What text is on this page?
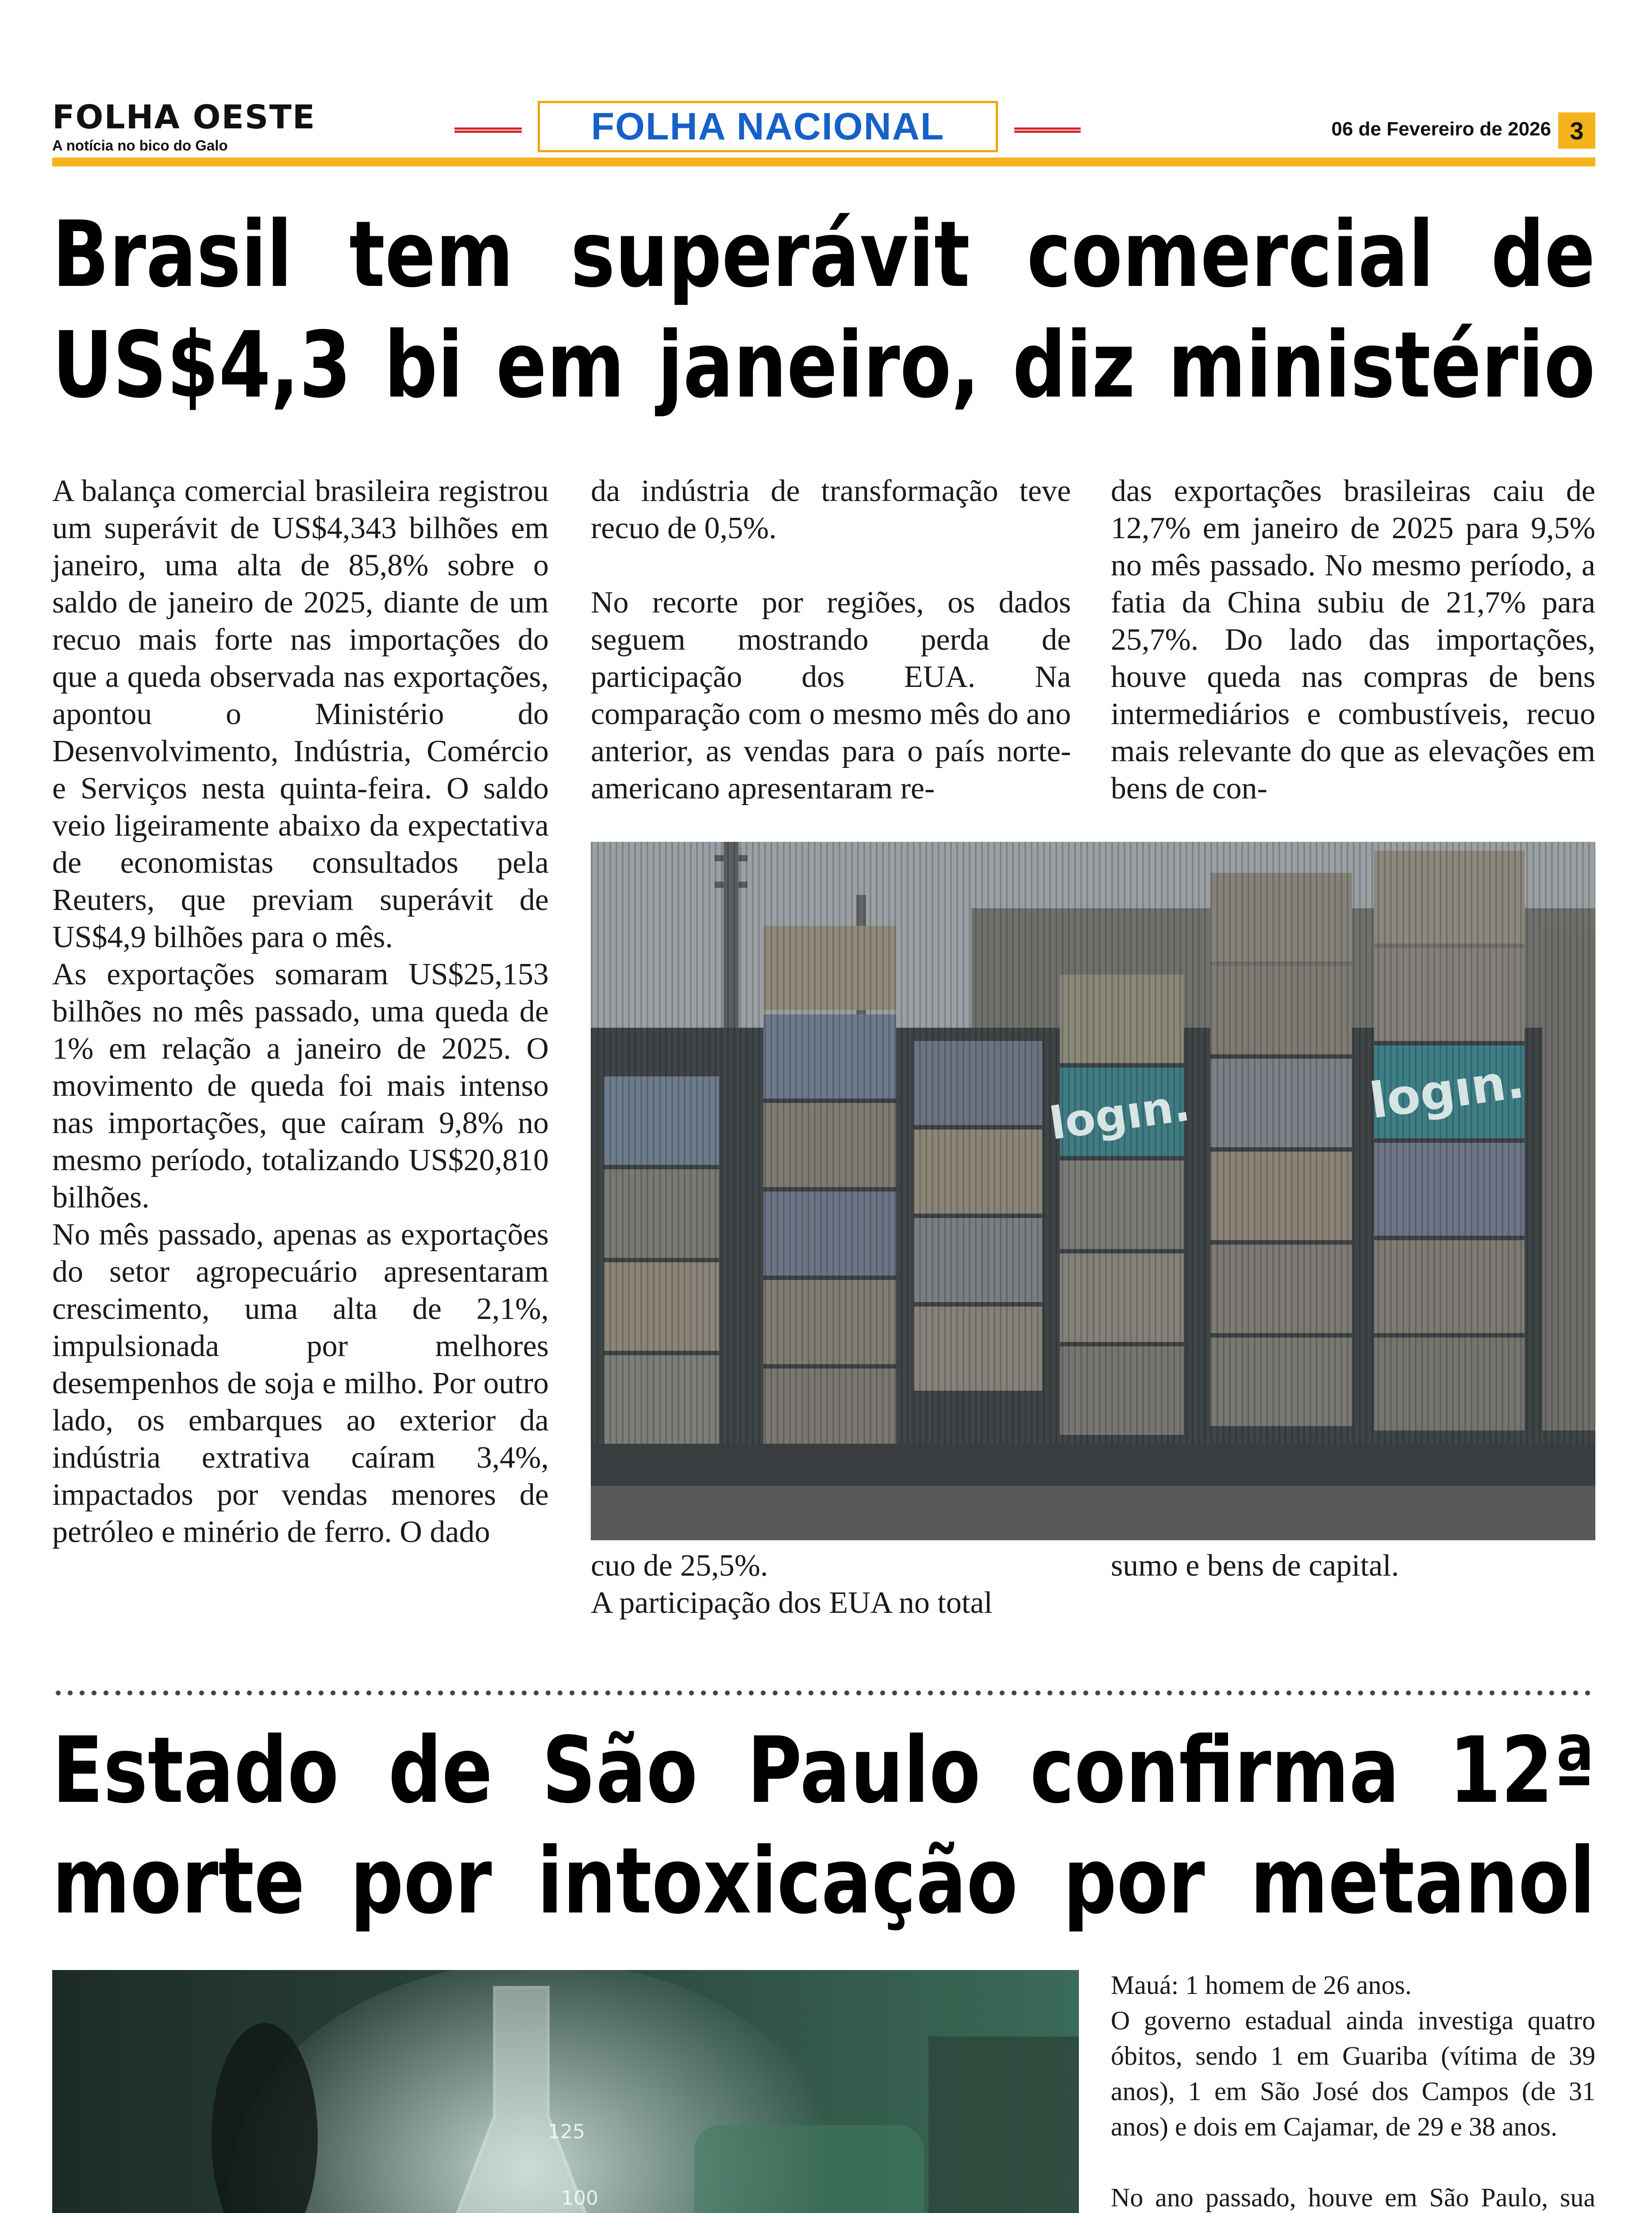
FOLHA OESTE
A notícia no bico do Galo	FOLHA NACIONAL	06 de Fevereiro de 2026 3
Brasil tem superávit comercial de
US$4,3 bi em janeiro, diz ministério

A balança comercial brasileira registrou um superávit de US$4,343 bilhões em janeiro, uma alta de 85,8% sobre o saldo de janeiro de 2025, diante de um recuo mais forte nas importações do que a queda observada nas exportações, apontou o Ministério do Desenvolvimento, Indústria, Comércio e Serviços nesta quinta-feira. O saldo veio ligeiramente abaixo da expectativa de economistas consultados pela Reuters, que previam superávit de US$4,9 bilhões para o mês.

As exportações somaram US$25,153 bilhões no mês passado, uma queda de 1% em relação a janeiro de 2025. O movimento de queda foi mais intenso nas importações, que caíram 9,8% no mesmo período, totalizando US$20,810 bilhões.

No mês passado, apenas as exportações do setor agropecuário apresentaram crescimento, uma alta de 2,1%, impulsionada por melhores desempenhos de soja e milho. Por outro lado, os embarques ao exterior da indústria extrativa caíram 3,4%, impactados por vendas menores de petróleo e minério de ferro. O dado

da indústria de transformação teve recuo de 0,5%.

No recorte por regiões, os dados seguem mostrando perda de participação dos EUA. Na comparação com o mesmo mês do ano anterior, as vendas para o país norte-americano apresentaram re-

das exportações brasileiras caiu de 12,7% em janeiro de 2025 para 9,5% no mês passado. No mesmo período, a fatia da China subiu de 21,7% para 25,7%. Do lado das importações, houve queda nas compras de bens intermediários e combustíveis, recuo mais relevante do que as elevações em bens de con-

logın.	logın.

cuo de 25,5%.

A participação dos EUA no total

sumo e bens de capital.

Estado de São Paulo confirma 12ª
morte por intoxicação por metanol
125
100

Mauá: 1 homem de 26 anos.

O governo estadual ainda investiga quatro óbitos, sendo 1 em Guariba (vítima de 39 anos), 1 em São José dos Campos (de 31 anos) e dois em Cajamar, de 29 e 38 anos.

No ano passado, houve em São Paulo, sua
